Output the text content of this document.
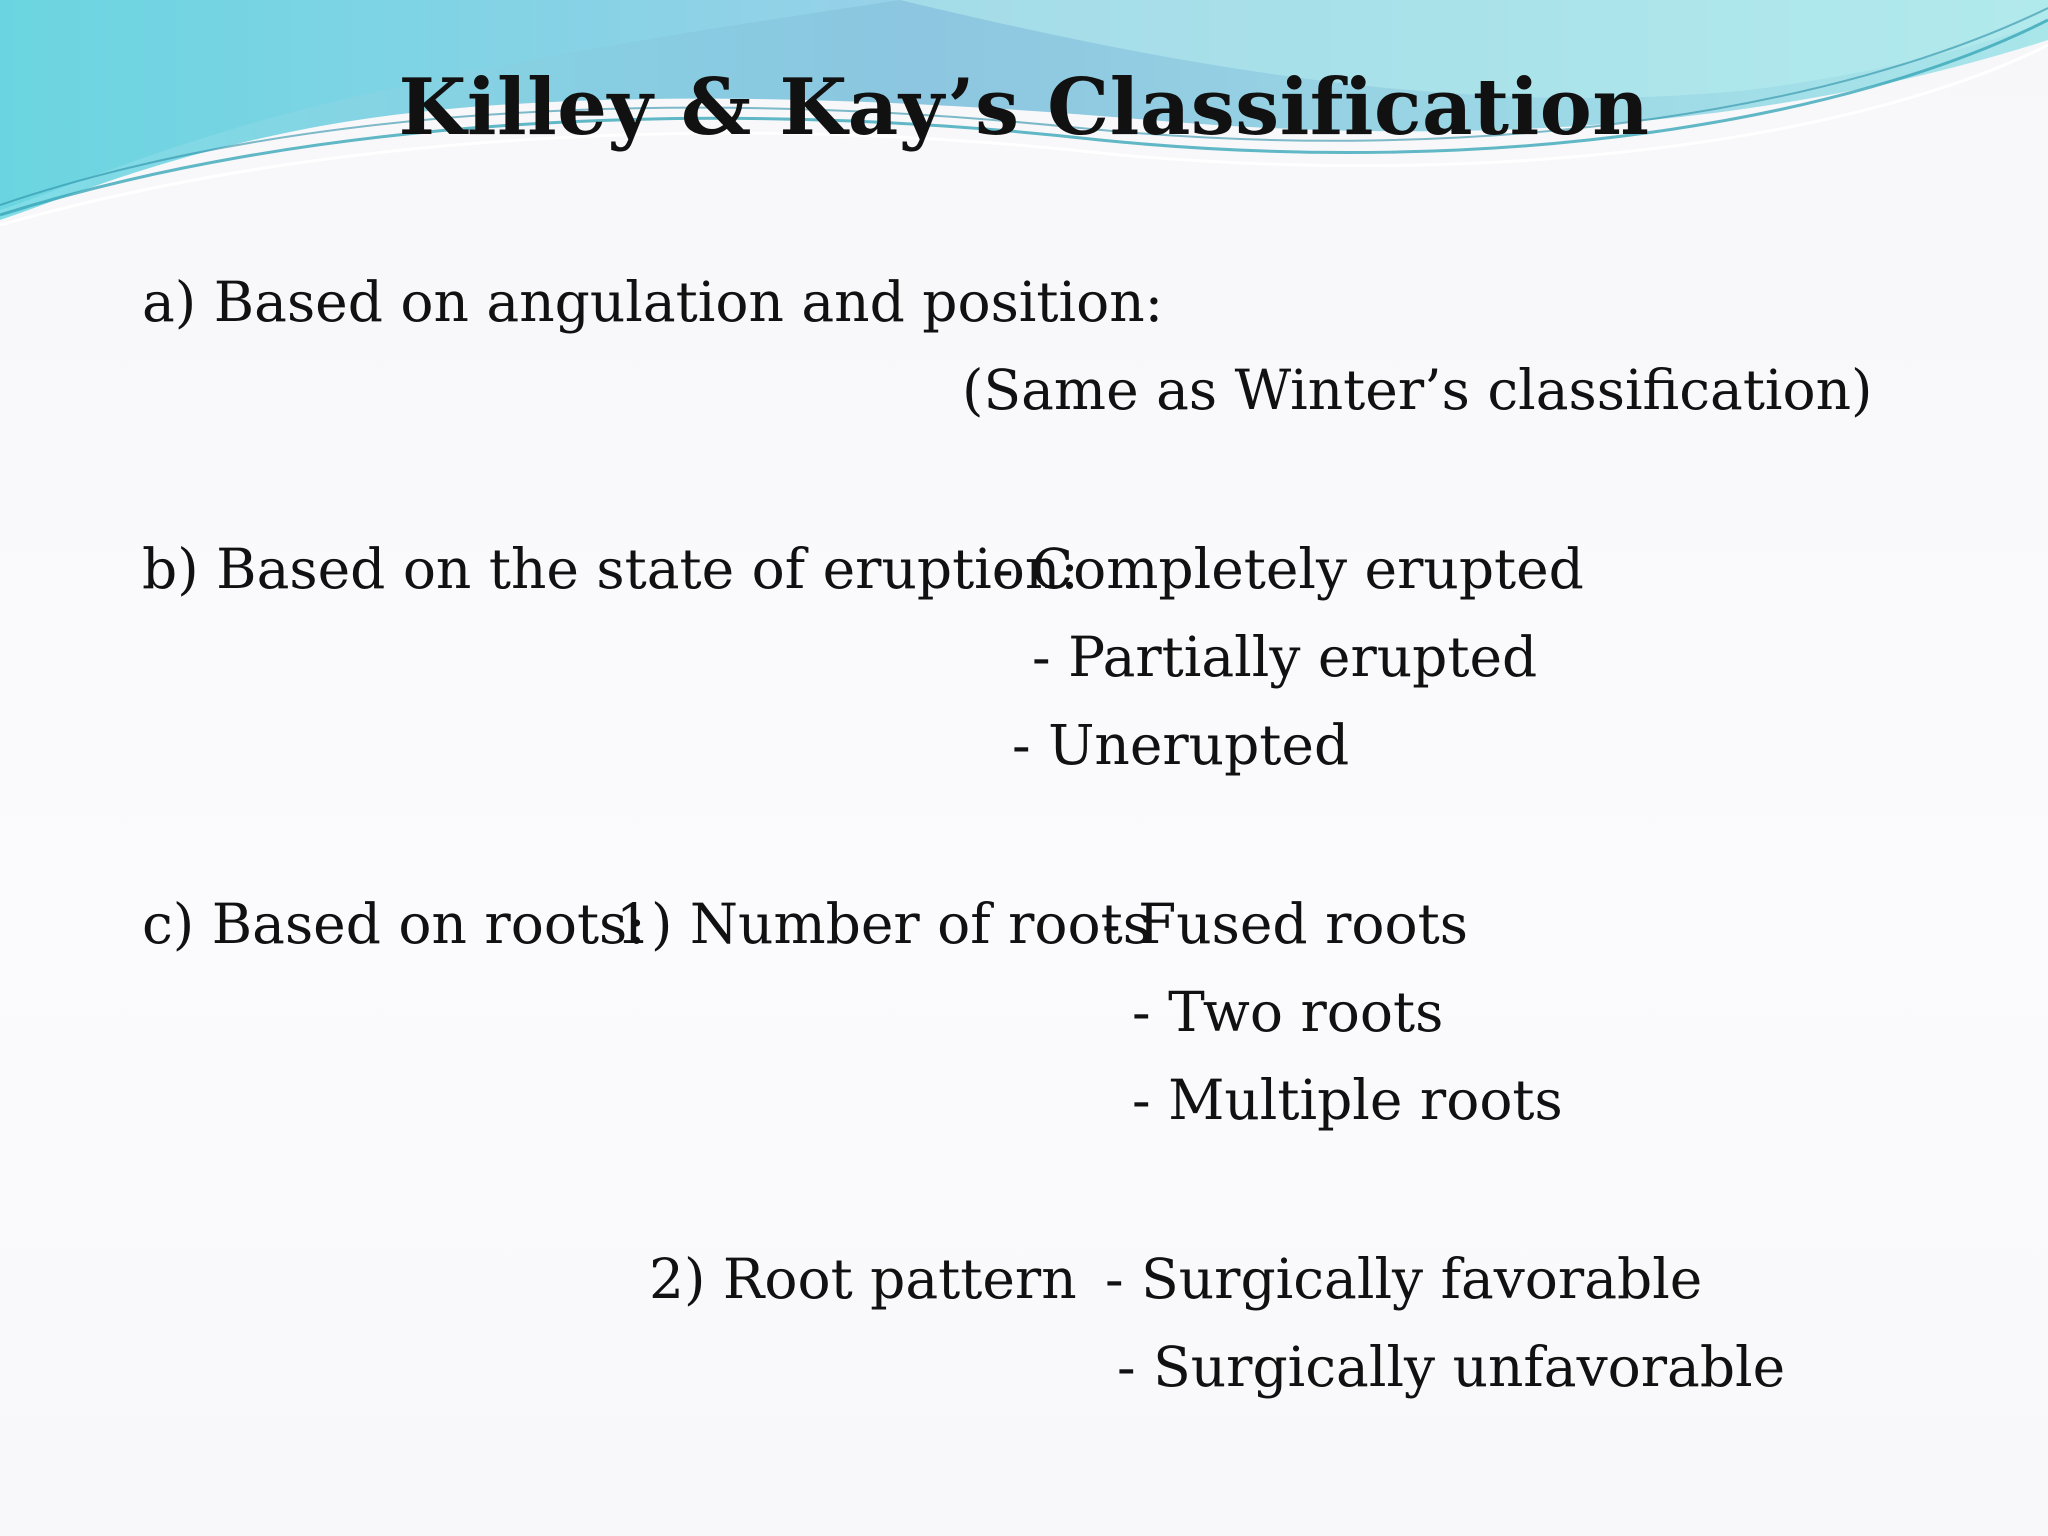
Killey & Kay’s Classification
a) Based on angulation and position:
(Same as Winter’s classification)
b) Based on the state of eruption:
- Completely erupted
- Partially erupted
- Unerupted
c) Based on roots:
1) Number of roots
- Fused roots
- Two roots
- Multiple roots
2) Root pattern - Surgically favorable
- Surgically unfavorable
